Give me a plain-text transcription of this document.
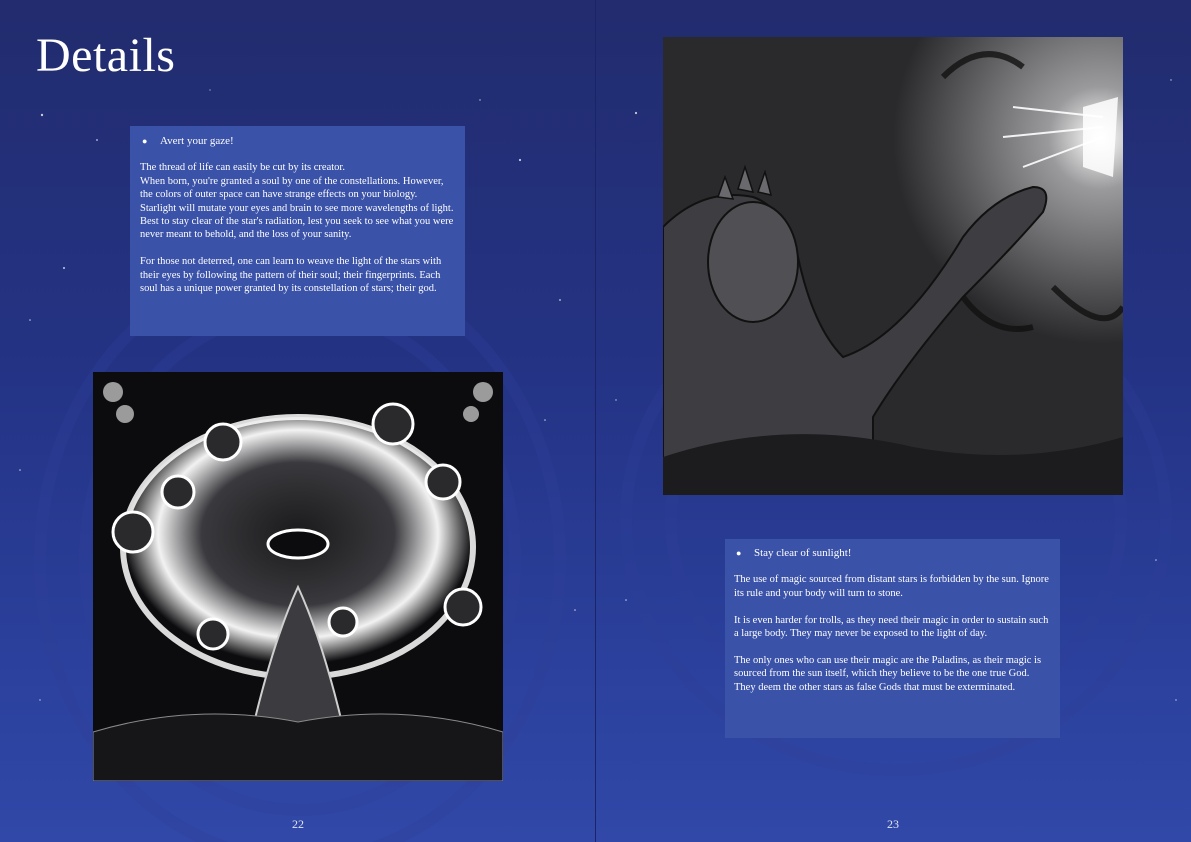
Details
●	Avert your gaze!

The thread of life can easily be cut by its creator.
When born, you're granted a soul by one of the constellations. However, the colors of outer space can have strange effects on your biology. Starlight will mutate your eyes and brain to see more wavelengths of light. Best to stay clear of the star's radiation, lest you seek to see what you were never meant to behold, and the loss of your sanity.

For those not deterred, one can learn to weave the light of the stars with their eyes by following the pattern of their soul; their fingerprints. Each soul has a unique power granted by its constellation of stars; their god.

22
●	Stay clear of sunlight!

The use of magic sourced from distant stars is forbidden by the sun. Ignore its rule and your body will turn to stone.

It is even harder for trolls, as they need their magic in order to sustain such a large body. They may never be exposed to the light of day.

The only ones who can use their magic are the Paladins, as their magic is sourced from the sun itself, which they believe to be the one true God. They deem the other stars as false Gods that must be exterminated.

23
